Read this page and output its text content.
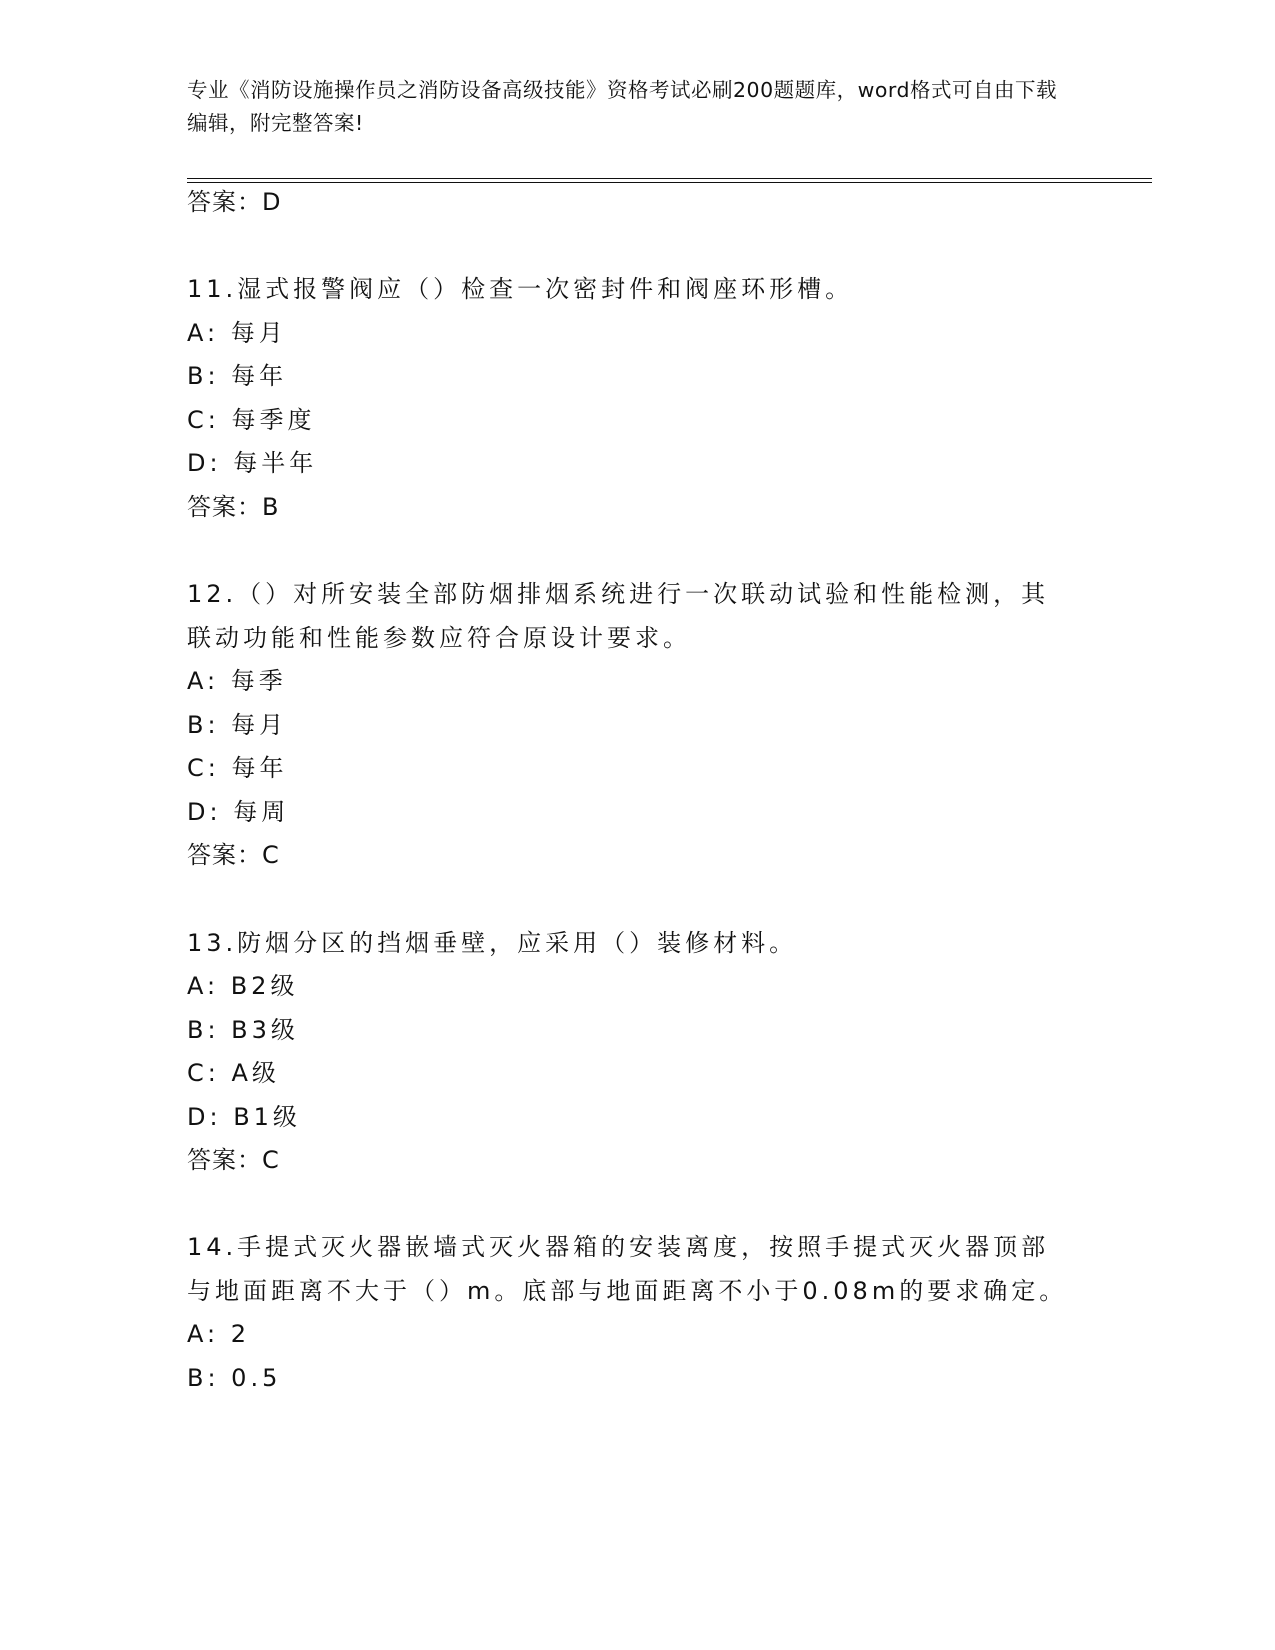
专业《消防设施操作员之消防设备高级技能》资格考试必刷200题题库，word格式可自由下载编辑，附完整答案!
答案：D
11.湿式报警阀应（）检查一次密封件和阀座环形槽。
A: 每月
B: 每年
C: 每季度
D: 每半年
答案：B
12.（）对所安装全部防烟排烟系统进行一次联动试验和性能检测，其
联动功能和性能参数应符合原设计要求。
A: 每季
B: 每月
C: 每年
D: 每周
答案：C
13.防烟分区的挡烟垂壁，应采用（）装修材料。
A: B2级
B: B3级
C: A级
D: B1级
答案：C
14.手提式灭火器嵌墙式灭火器箱的安装离度，按照手提式灭火器顶部
与地面距离不大于（）m。底部与地面距离不小于0.08m的要求确定。
A: 2
B: 0.5
